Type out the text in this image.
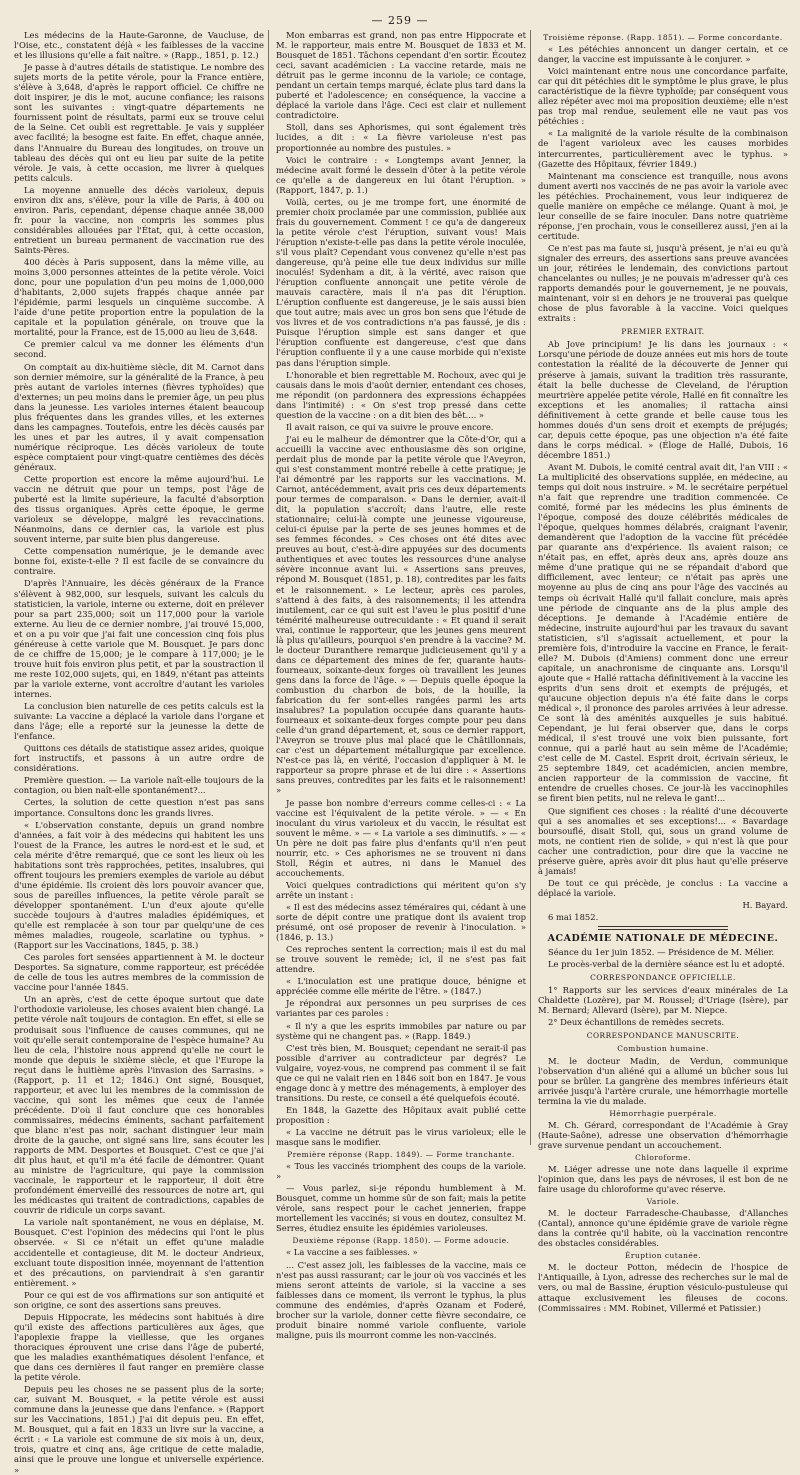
— 259 —

Les médecins de la Haute-Garonne, de Vaucluse, de l'Oise, etc., constatent déjà « les faiblesses de la vaccine et les illusions qu'elle a fait naître. » (Rapp., 1851, p. 12.)

Je passe à d'autres détails de statistique. Le nombre des sujets morts de la petite vérole, pour la France entière, s'élève à 3,648, d'après le rapport officiel. Ce chiffre ne doit inspirer, je dis le mot, aucune confiance; les raisons sont les suivantes : vingt-quatre départements ne fournissent point de résultats, parmi eux se trouve celui de la Seine. Cet oubli est regrettable. Je vais y suppléer avec facilité; la besogne est faite. En effet, chaque année, dans l'Annuaire du Bureau des longitudes, on trouve un tableau des décès qui ont eu lieu par suite de la petite vérole. Je vais, à cette occasion, me livrer à quelques petits calculs.

La moyenne annuelle des décès varioleux, depuis environ dix ans, s'élève, pour la ville de Paris, à 400 ou environ. Paris, cependant, dépense chaque année 38,000 fr. pour la vaccine, non compris les sommes plus considérables allouées par l'État, qui, à cette occasion, entretient un bureau permanent de vaccination rue des Saints-Pères.

400 décès à Paris supposent, dans la même ville, au moins 3,000 personnes atteintes de la petite vérole. Voici donc, pour une population d'un peu moins de 1,000,000 d'habitants, 2,000 sujets frappés chaque année par l'épidémie, parmi lesquels un cinquième succombe. À l'aide d'une petite proportion entre la population de la capitale et la population générale, on trouve que la mortalité, pour la France, est de 15,000 au lieu de 3,648.

Ce premier calcul va me donner les éléments d'un second.

On comptait au dix-huitième siècle, dit M. Carnot dans son dernier mémoire, sur la généralité de la France, à peu près autant de varioles internes (fièvres typhoïdes) que d'externes; un peu moins dans le premier âge, un peu plus dans la jeunesse. Les varioles internes étaient beaucoup plus fréquentes dans les grandes villes, et les externes dans les campagnes. Toutefois, entre les décès causés par les unes et par les autres, il y avait compensation numérique réciproque. Les décès varioleux de toute espèce comptaient pour vingt-quatre centièmes des décès généraux.

Cette proportion est encore la même aujourd'hui. Le vaccin ne détruit que pour un temps, post l'âge de puberté est la limite supérieure, la faculté d'absorption des tissus organiques. Après cette époque, le germe varioleux se développe, malgré les revaccinations. Néanmoins, dans ce dernier cas, la variole est plus souvent interne, par suite bien plus dangereuse.

Cette compensation numérique, je le demande avec bonne foi, existe-t-elle ? Il est facile de se convaincre du contraire.

D'après l'Annuaire, les décès généraux de la France s'élèvent à 982,000, sur lesquels, suivant les calculs du statisticien, la variole, interne ou externe, doit en prélever pour sa part 235,000; soit un 117,000 pour la variole externe. Au lieu de ce dernier nombre, j'ai trouvé 15,000, et on a pu voir que j'ai fait une concession cinq fois plus généreuse à cette variole que M. Bousquet. Je pars donc de ce chiffre de 15,000; je le compare à 117,000; je le trouve huit fois environ plus petit, et par la soustraction il me reste 102,000 sujets, qui, en 1849, n'étant pas atteints par la variole externe, vont accroître d'autant les varioles internes.

La conclusion bien naturelle de ces petits calculs est la suivante: La vaccine a déplacé la variole dans l'organe et dans l'âge; elle a reporté sur la jeunesse la dette de l'enfance.

Quittons ces détails de statistique assez arides, quoique fort instructifs, et passons à un autre ordre de considérations.

Première question. — La variole naît-elle toujours de la contagion, ou bien naît-elle spontanément?...

Certes, la solution de cette question n'est pas sans importance. Consultons donc les grands livres.

« L'observation constante, depuis un grand nombre d'années, a fait voir à des médecins qui habitent les uns l'ouest de la France, les autres le nord-est et le sud, et cela mérite d'être remarqué, que ce sont les lieux où les habitations sont très rapprochées, petites, insalubres, qui offrent toujours les premiers exemples de variole au début d'une épidémie. Ils croient dès lors pouvoir avancer que, sous de pareilles influences, la petite vérole paraît se développer spontanément. L'un d'eux ajoute qu'elle succède toujours à d'autres maladies épidémiques, et qu'elle est remplacée à son tour par quelqu'une de ces mêmes maladies, rougeole, scarlatine ou typhus. » (Rapport sur les Vaccinations, 1845, p. 38.)

Ces paroles fort sensées appartiennent à M. le docteur Desportes. Sa signature, comme rapporteur, est précédée de celle de tous les autres membres de la commission de vaccine pour l'année 1845.

Un an après, c'est de cette époque surtout que date l'orthodoxie varioleuse, les choses avaient bien changé. La petite vérole naît toujours de contagion. En effet, si elle se produisait sous l'influence de causes communes, qui ne voit qu'elle serait contemporaine de l'espèce humaine? Au lieu de cela, l'histoire nous apprend qu'elle ne court le monde que depuis le sixième siècle, et que l'Europe la reçut dans le huitième après l'invasion des Sarrasins. » (Rapport, p. 11 et 12; 1846.) Ont signé, Bousquet, rapporteur, et avec lui les membres de la commission de vaccine, qui sont les mêmes que ceux de l'année précédente. D'où il faut conclure que ces honorables commissaires, médecins éminents, sachant parfaitement que blanc n'est pas noir, sachant distinguer leur main droite de la gauche, ont signé sans lire, sans écouter les rapports de MM. Desportes et Bousquet. C'est ce que j'ai dit plus haut, et qu'il m'a été facile de démontrer. Quant au ministre de l'agriculture, qui paye la commission vaccinale, le rapporteur et le rapporteur, il doit être profondément émerveillé des ressources de notre art, qui les médicastes qui traitent de contradictions, capables de couvrir de ridicule un corps savant.

La variole naît spontanément, ne vous en déplaise, M. Bousquet. C'est l'opinion des médecins qui l'ont le plus observée. « Si ce n'était un effet qu'une maladie accidentelle et contagieuse, dit M. le docteur Andrieux, excluant toute disposition innée, moyennant de l'attention et des précautions, on parviendrait à s'en garantir entièrement. »

Pour ce qui est de vos affirmations sur son antiquité et son origine, ce sont des assertions sans preuves.

Depuis Hippocrate, les médecins sont habitués à dire qu'il existe des affections particulières aux âges, que l'apoplexie frappe la vieillesse, que les organes thoraciques éprouvent une crise dans l'âge de puberté, que les maladies exanthématiques désolent l'enfance, et que dans ces dernières il faut ranger en première classe la petite vérole.

Depuis peu les choses ne se passent plus de la sorte; car, suivant M. Bousquet, « la petite vérole est aussi commune dans la jeunesse que dans l'enfance. » (Rapport sur les Vaccinations, 1851.) J'ai dit depuis peu. En effet, M. Bousquet, qui a fait en 1833 un livre sur la vaccine, a écrit : « La variole est commune de six mois à un, deux, trois, quatre et cinq ans, âge critique de cette maladie, ainsi que le prouve une longue et universelle expérience. »

Mon embarras est grand, non pas entre Hippocrate et M. le rapporteur, mais entre M. Bousquet de 1833 et M. Bousquet de 1851. Tâchons cependant d'en sortir. Écoutez ceci, savant académicien : La vaccine retarde, mais ne détruit pas le germe inconnu de la variole; ce contage, pendant un certain temps marqué, éclate plus tard dans la puberté et l'adolescence; en conséquence, la vaccine a déplacé la variole dans l'âge. Ceci est clair et nullement contradictoire.

Stoll, dans ses Aphorismes, qui sont également très lucides, a dit : « La fièvre varioleuse n'est pas proportionnée au nombre des pustules. »

Voici le contraire : « Longtemps avant Jenner, la médecine avait formé le dessein d'ôter à la petite vérole ce qu'elle a de dangereux en lui ôtant l'éruption. » (Rapport, 1847, p. 1.)

Voilà, certes, ou je me trompe fort, une énormité de premier choix proclamée par une commission, publiée aux frais du gouvernement. Comment ! ce qu'a de dangereux la petite vérole c'est l'éruption, suivant vous! Mais l'éruption n'existe-t-elle pas dans la petite vérole inoculée, s'il vous plaît? Cependant vous convenez qu'elle n'est pas dangereuse, qu'à peine elle tue deux individus sur mille inoculés! Sydenham a dit, à la vérité, avec raison que l'éruption confluente annonçait une petite vérole de mauvais caractère, mais il n'a pas dit l'éruption. L'éruption confluente est dangereuse, je le sais aussi bien que tout autre; mais avec un gros bon sens que l'étude de vos livres et de vos contradictions n'a pas faussé, je dis : Puisque l'éruption simple est sans danger et que l'éruption confluente est dangereuse, c'est que dans l'éruption confluente il y a une cause morbide qui n'existe pas dans l'éruption simple.

L'honorable et bien regrettable M. Rochoux, avec qui je causais dans le mois d'août dernier, entendant ces choses, me répondit (on pardonnera des expressions échappées dans l'intimité) : « On s'est trop pressé dans cette question de la vaccine : on a dit bien des bêt.... »

Il avait raison, ce qui va suivre le prouve encore.

J'ai eu le malheur de démontrer que la Côte-d'Or, qui a accueilli la vaccine avec enthousiasme dès son origine, perdait plus de monde par la petite vérole que l'Aveyron, qui s'est constamment montré rebelle à cette pratique; je l'ai démontré par les rapports sur les vaccinations. M. Carnot, antécédemment, avait pris ces deux départements pour termes de comparaison. « Dans le dernier, avait-il dit, la population s'accroît; dans l'autre, elle reste stationnaire; celui-là compte une jeunesse vigoureuse, celui-ci épuise par la perte de ses jeunes hommes et de ses femmes fécondes. » Ces choses ont été dites avec preuves au bout, c'est-à-dire appuyées sur des documents authentiques et avec toutes les ressources d'une analyse sévère inconnue avant lui. « Assertions sans preuves, répond M. Bousquet (1851, p. 18), contredites par les faits et le raisonnement. » Le lecteur, après ces paroles, s'attend à des faits, à des raisonnements; il les attendra inutilement, car ce qui suit est l'aveu le plus positif d'une témérité malheureuse outrecuidante : « Et quand il serait vrai, continue le rapporteur, que les jeunes gens meurent là plus qu'ailleurs, pourquoi s'en prendre à la vaccine? M. le docteur Duranthere remarque judicieusement qu'il y a dans ce département des mines de fer, quarante hauts-fourneaux, soixante-deux forges où travaillent les jeunes gens dans la force de l'âge. » — Depuis quelle époque la combustion du charbon de bois, de la houille, la fabrication du fer sont-elles rangées parmi les arts insalubres? La population occupée dans quarante hauts-fourneaux et soixante-deux forges compte pour peu dans celle d'un grand département, et, sous ce dernier rapport, l'Aveyron se trouve plus mal placé que le Châtillonnais, car c'est un département métallurgique par excellence. N'est-ce pas là, en vérité, l'occasion d'appliquer à M. le rapporteur sa propre phrase et de lui dire : « Assertions sans preuves, contredites par les faits et le raisonnement! »

Je passe bon nombre d'erreurs comme celles-ci : « La vaccine est l'équivalent de la petite vérole. » — « En inoculant du virus varioleux et du vaccin, le résultat est souvent le même. » — « La variole a ses diminutifs. » — « Un père ne doit pas faire plus d'enfants qu'il n'en peut nourrir, etc. » Ces aphorismes ne se trouvent ni dans Stoll, Régin et autres, ni dans le Manuel des accouchements.

Voici quelques contradictions qui méritent qu'on s'y arrête un instant :

« Il est des médecins assez téméraires qui, cédant à une sorte de dépit contre une pratique dont ils avaient trop présumé, ont osé proposer de revenir à l'inoculation. » (1846, p. 13.)

Ces reproches sentent la correction; mais il est du mal se trouve souvent le remède; ici, il ne s'est pas fait attendre.

« L'inoculation est une pratique douce, bénigne et appréciée comme elle mérite de l'être. » (1847.)

Je répondrai aux personnes un peu surprises de ces variantes par ces paroles :

« Il n'y a que les esprits immobiles par nature ou par système qui ne changent pas. » (Rapp. 1849.)

C'est très bien, M. Bousquet; cependant ne serait-il pas possible d'arriver au contradicteur par degrés? Le vulgaire, voyez-vous, ne comprend pas comment il se fait que ce qui ne valait rien en 1846 soit bon en 1847. Je vous engage donc à y mettre des ménagements, à employer des transitions. Du reste, ce conseil a été quelquefois écouté.

En 1848, la Gazette des Hôpitaux avait publié cette proposition :

« La vaccine ne détruit pas le virus varioleux; elle le masque sans le modifier.

Première réponse (Rapp. 1849). — Forme tranchante.

« Tous les vaccinés triomphent des coups de la variole. »

— Vous parlez, si-je répondu humblement à M. Bousquet, comme un homme sûr de son fait; mais la petite vérole, sans respect pour le cachet jennerien, frappe mortellement les vaccinés; si vous en doutez, consultez M. Serres, étudiez ensuite les épidémies varioleuses.

Deuxième réponse (Rapp. 1850). — Forme adoucie.

« La vaccine a ses faiblesses. »

... C'est assez joli, les faiblesses de la vaccine, mais ce n'est pas aussi rassurant; car le jour où vos vaccinés et les miens seront atteints de variole, si la vaccine a ses faiblesses dans ce moment, ils verront le typhus, la plus commune des endémies, d'après Ozanam et Foderé, brocher sur la variole, donner cette fièvre secondaire, ce produit binaire nommé variole confluente, variole maligne, puis ils mourront comme les non-vaccinés.

Troisième réponse. (Rapp. 1851). — Forme concordante.

« Les pétéchies annoncent un danger certain, et ce danger, la vaccine est impuissante à le conjurer. »

Voici maintenant entre nous une concordance parfaite, car qui dit pétéchies dit le symptôme le plus grave, le plus caractéristique de la fièvre typhoïde; par conséquent vous allez répéter avec moi ma proposition deuxième; elle n'est pas trop mal rendue, seulement elle ne vaut pas vos pétéchies :

« La malignité de la variole résulte de la combinaison de l'agent varioleux avec les causes morbides intercurrentes, particulièrement avec le typhus. » (Gazette des Hôpitaux, février 1849.)

Maintenant ma conscience est tranquille, nous avons dument averti nos vaccinés de ne pas avoir la variole avec les pétéchies. Prochainement, vous leur indiquerez de quelle manière on empêche ce mélange. Quant à moi, je leur conseille de se faire inoculer. Dans notre quatrième réponse, j'en prochain, vous le conseillerez aussi, j'en ai la certitude.

Ce n'est pas ma faute si, jusqu'à présent, je n'ai eu qu'à signaler des erreurs, des assertions sans preuve avancées un jour, rétirées le lendemain, des convictions partout chancelantes ou nulles; je ne pouvais m'adresser qu'à ces rapports demandés pour le gouvernement, je ne pouvais, maintenant, voir si en dehors je ne trouverai pas quelque chose de plus favorable à la vaccine. Voici quelques extraits :

PREMIER EXTRAIT.

Ab Jove principium! Je lis dans les journaux : « Lorsqu'une période de douze années eut mis hors de toute contestation la réalité de la découverte de Jenner qui préserve à jamais, suivant la tradition très rassurante, était la belle duchesse de Cleveland, de l'éruption meurtrière appelée petite vérole, Hallé en fit connaître les exceptions et les anomalies; il rattacha ainsi définitivement à cette grande et belle cause tous les hommes doués d'un sens droit et exempts de préjugés; car, depuis cette époque, pas une objection n'a été faite dans le corps médical. » (Éloge de Hallé, Dubois, 16 décembre 1851.)

Avant M. Dubois, le comité central avait dit, l'an VIII : « La multiplicité des observations supplée, en médecine, au temps qui doit nous instruire. » M. le secrétaire perpétuel n'a fait que reprendre une tradition commencée. Ce comité, formé par les médecins les plus éminents de l'époque, composé des douze célébrités médicales de l'époque, quelques hommes délabrés, craignant l'avenir, demandèrent que l'adoption de la vaccine fût précédée par quarante ans d'expérience. Ils avaient raison; ce n'était pas, en effet, après deux ans, après douze ans même d'une pratique qui ne se répandait d'abord que difficilement, avec lenteur; ce n'était pas après une moyenne au plus de cinq ans pour l'âge des vaccinés au temps où écrivait Hallé qu'il fallait conclure, mais après une période de cinquante ans de la plus ample des déceptions. Je demande à l'Académie entière de médecine, instruite aujourd'hui par les travaux du savant statisticien, s'il s'agissait actuellement, et pour la première fois, d'introduire la vaccine en France, le ferait-elle? M. Dubois (d'Amiens) comment donc une erreur capitale, un anachronisme de cinquante ans. Lorsqu'il ajoute que « Hallé rattacha définitivement à la vaccine les esprits d'un sens droit et exempts de préjugés, et qu'aucune objection depuis n'a été faite dans le corps médical », il prononce des paroles arrivées à leur adresse. Ce sont là des aménités auxquelles je suis habitué. Cependant, je lui ferai observer que, dans le corps médical, il s'est trouvé une voix bien puissante, fort connue, qui a parlé haut au sein même de l'Académie; c'est celle de M. Castel. Esprit droit, écrivain sérieux, le 25 septembre 1849, cet académicien, ancien membre, ancien rapporteur de la commission de vaccine, fit entendre de cruelles choses. Ce jour-là les vaccinophiles se firent bien petits, nul ne releva le gant!...

Que signifient ces choses : la réalité d'une découverte qui a ses anomalies et ses exceptions!... « Bavardage boursouflé, disait Stoll, qui, sous un grand volume de mots, ne contient rien de solide, » qui n'est là que pour cacher une contradiction, pour dire que la vaccine ne préserve guère, après avoir dit plus haut qu'elle préserve à jamais!

De tout ce qui précède, je conclus : La vaccine a déplacé la variole.

H. Bayard.

6 mai 1852.

ACADÉMIE NATIONALE DE MÉDECINE.

Séance du 1er juin 1852. — Présidence de M. Mélier.

Le procès-verbal de la dernière séance est lu et adopté.

CORRESPONDANCE OFFICIELLE.

1° Rapports sur les services d'eaux minérales de La Chaldette (Lozère), par M. Roussel; d'Uriage (Isère), par M. Bernard; Allevard (Isère), par M. Niepce.

2° Deux échantillons de remèdes secrets.

CORRESPONDANCE MANUSCRITE.

Combustion humaine.

M. le docteur Madin, de Verdun, communique l'observation d'un aliéné qui a allumé un bûcher sous lui pour se brûler. La gangrène des membres inférieurs était arrivée jusqu'à l'artère crurale, une hémorrhagie mortelle termina la vie du malade.

Hémorrhagie puerpérale.

M. Ch. Gérard, correspondant de l'Académie à Gray (Haute-Saône), adresse une observation d'hémorrhagie grave survenue pendant un accouchement.

Chloroforme.

M. Liéger adresse une note dans laquelle il exprime l'opinion que, dans les pays de névroses, il est bon de ne faire usage du chloroforme qu'avec réserve.

Variole.

M. le docteur Farradesche-Chaubasse, d'Allanches (Cantal), annonce qu'une épidémie grave de variole règne dans la contrée qu'il habite, où la vaccination rencontre des obstacles considérables.

Éruption cutanée.

M. le docteur Potton, médecin de l'hospice de l'Antiquaille, à Lyon, adresse des recherches sur le mal de vers, ou mal de Bassine, éruption vésiculo-pustuleuse qui attaque exclusivement les fileuses de cocons. (Commissaires : MM. Robinet, Villermé et Patissier.)
